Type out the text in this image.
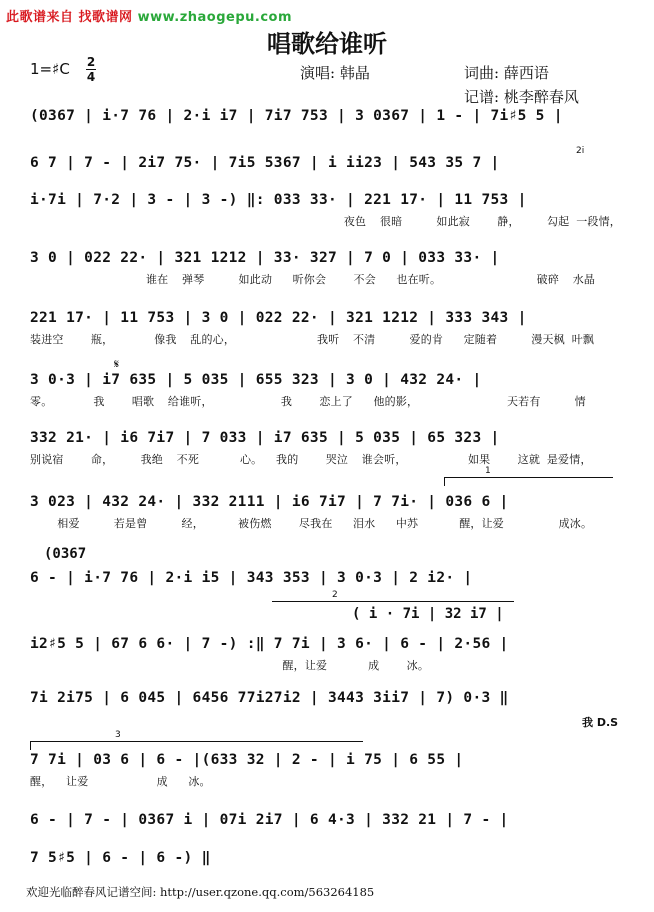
此歌谱来自 找歌谱网 www.zhaogepu.com
唱歌给谁听
1=♯C 2
4	演唱: 韩晶	词曲: 薛西语
记谱: 桃李醉春风
(0367 | i·7 76 | 2·i i7 | 7i7 753 | 3 0367 | 1 - | 7i♯5 5 |
6 7 | 7 - | 2i7 75· | 7i5 5367 | i ii23 | 543 35 7 |
i·7i | 7·2 | 3 - | 3 -) ‖: 033 33· | 221 17· | 11 753 |
夜色  很暗     如此寂    静，    勾起 一段情，
3 0 | 022 22· | 321 1212 | 33· 327 | 7 0 | 033 33· |
谁在  弹琴     如此动   听你会    不会   也在听。              破碎  水晶
221 17· | 11 753 | 3 0 | 022 22· | 321 1212 | 333 343 |
装进空    瓶，      像我  乱的心，            我听  不清     爱的肯   定随着     漫天枫 叶飘
3 0·3 | i7 635 | 5 035 | 655 323 | 3 0 | 432 24· |
零。      我    唱歌  给谁听，          我    恋上了   他的影，             天若有     情
332 21· | i6 7i7 | 7 033 | i7 635 | 5 035 | 65 323 |
别说宿    命，    我绝  不死      心。  我的    哭泣  谁会听，         如果    这就 是爱情，
3 023 | 432 24· | 332 2111 | i6 7i7 | 7 7i· | 036 6 |
相爱     若是曾     经，     被伤燃    尽我在   泪水   中苏      醒，让爱        成冰。
6 - | i·7 76 | 2·i i5 | 343 353 | 3 0·3 | 2 i2· |
i2♯5 5 | 67 6 6· | 7 -) :‖ 7 7i | 3 6· | 6 - | 2·56 |
醒，让爱      成    冰。
7i 2i75 | 6 045 | 6456 77i27i2 | 3443 3ii7 | 7) 0·3 ‖
7 7i | 03 6 | 6 - |(633 32 | 2 - | i 75 | 6 55 |
醒，  让爱          成   冰。
6 - | 7 - | 0367 i | 07i 2i7 | 6 4·3 | 332 21 | 7 - |
7 5♯5 | 6 - | 6 -) ‖
(0367
( i · 7i | 32 i7 |
𝄋
2i
我 D.S
1
2
3
欢迎光临醉春风记谱空间: http://user.qzone.qq.com/563264185
